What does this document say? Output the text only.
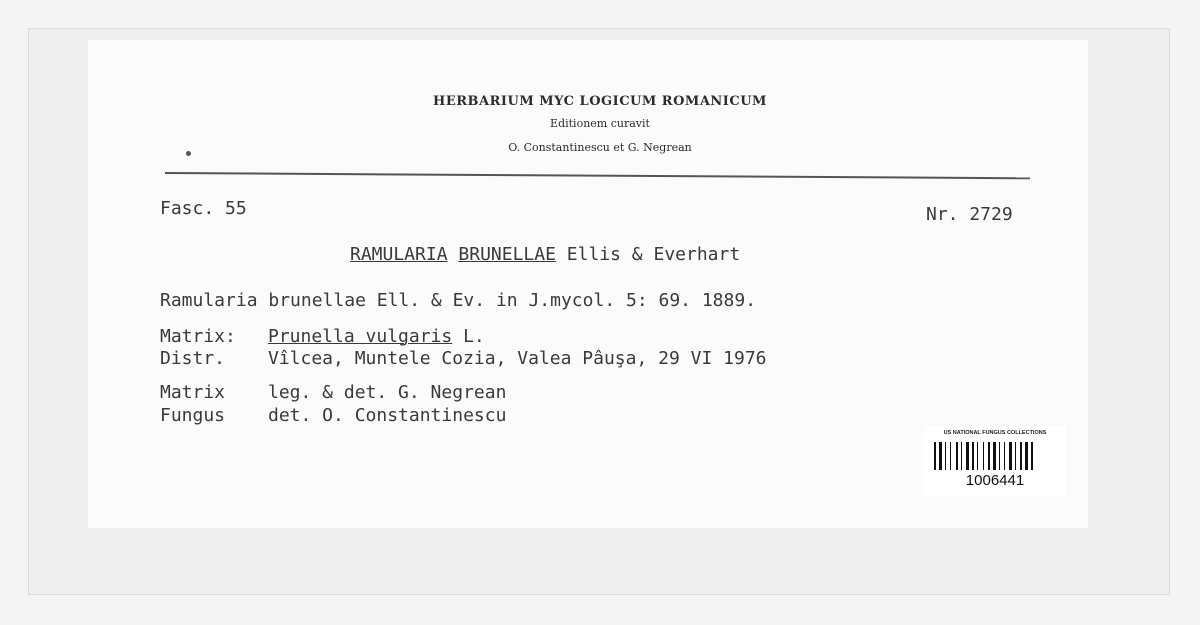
HERBARIUM MYC LOGICUM ROMANICUM
Editionem curavit
O. Constantinescu et G. Negrean
Fasc. 55	Nr. 2729
RAMULARIA BRUNELLAE Ellis & Everhart
Ramularia brunellae Ell. & Ev. in J.mycol. 5: 69. 1889.
Matrix: Prunella vulgaris L.
Distr. Vîlcea, Muntele Cozia, Valea Pâuşa, 29 VI 1976
Matrix leg. & det. G. Negrean
Fungus det. O. Constantinescu
US NATIONAL FUNGUS COLLECTIONS
1006441
